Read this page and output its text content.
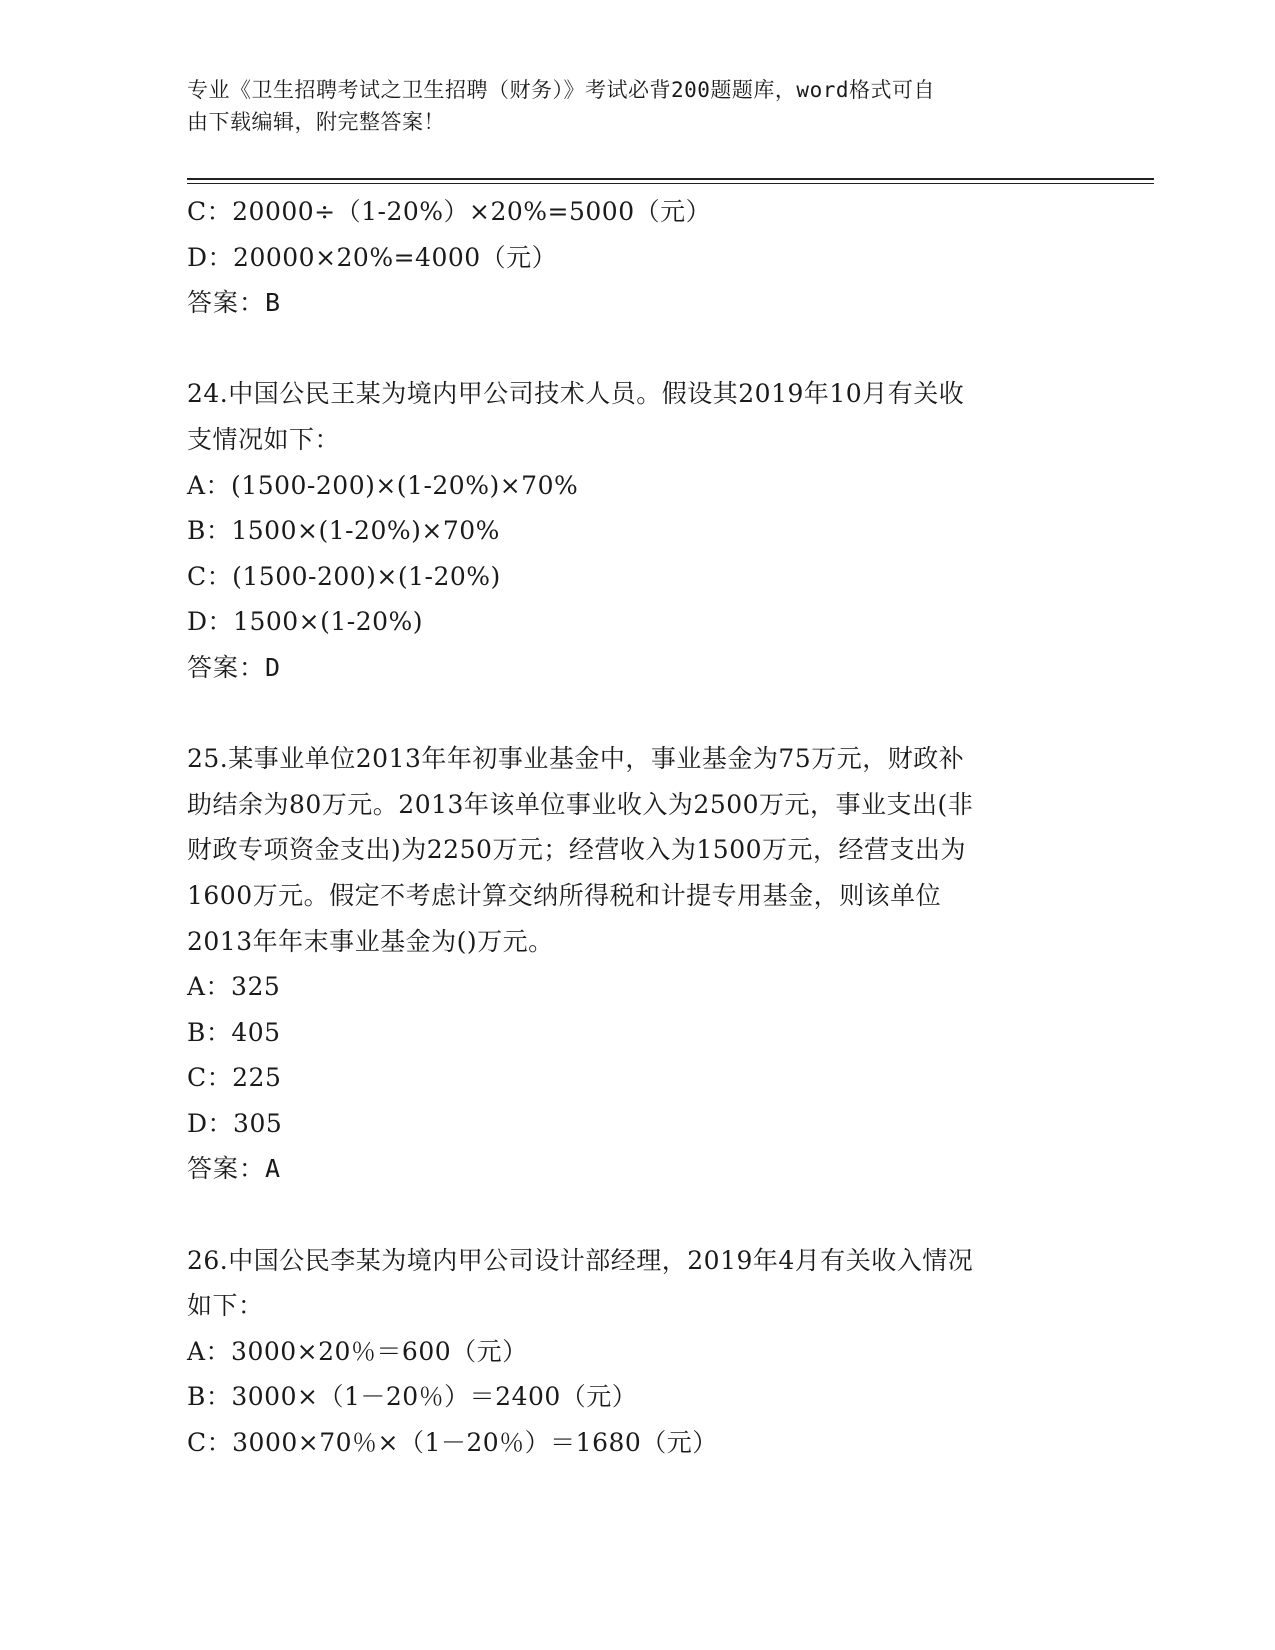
专业《卫生招聘考试之卫生招聘（财务）》考试必背200题题库，word格式可自
由下载编辑，附完整答案！
C：20000÷（1-20%）×20%=5000（元）
D：20000×20%=4000（元）
答案：B
24.中国公民王某为境内甲公司技术人员。假设其2019年10月有关收
支情况如下：
A：(1500-200)×(1-20%)×70%
B：1500×(1-20%)×70%
C：(1500-200)×(1-20%)
D：1500×(1-20%)
答案：D
25.某事业单位2013年年初事业基金中，事业基金为75万元，财政补
助结余为80万元。2013年该单位事业收入为2500万元，事业支出(非
财政专项资金支出)为2250万元；经营收入为1500万元，经营支出为
1600万元。假定不考虑计算交纳所得税和计提专用基金，则该单位
2013年年末事业基金为()万元。
A：325
B：405
C：225
D：305
答案：A
26.中国公民李某为境内甲公司设计部经理，2019年4月有关收入情况
如下：
A：3000×20％＝600（元）
B：3000×（1－20％）＝2400（元）
C：3000×70％×（1－20％）＝1680（元）
